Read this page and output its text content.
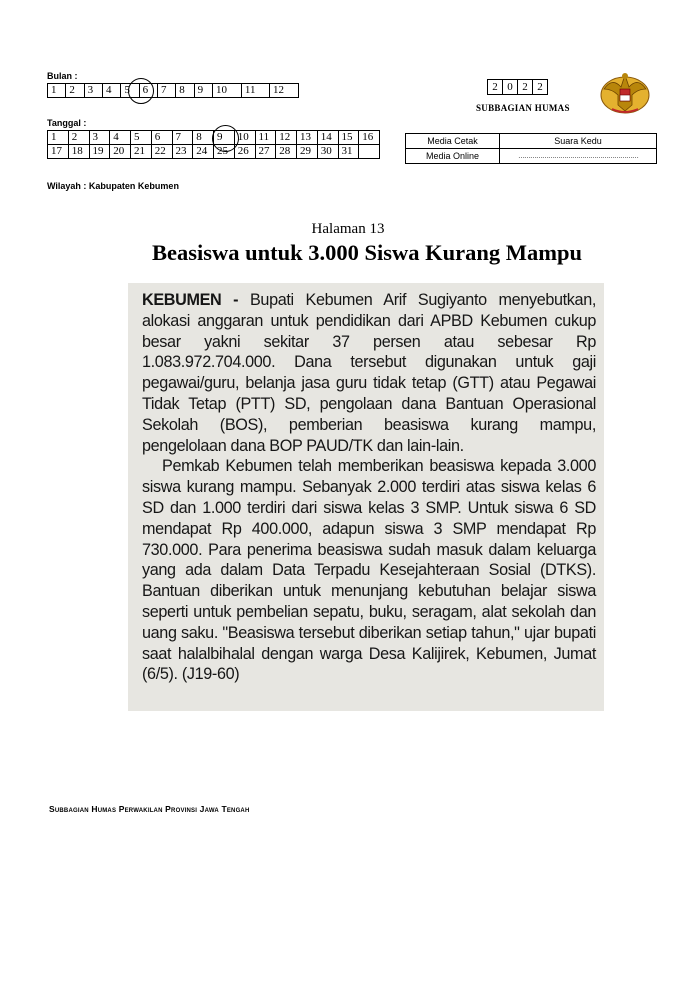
Bulan :
1	2	3	4	5	6	7	8	9	10	11	12
Tanggal :
1	2	3	4	5	6	7	8	9	10	11	12	13	14	15	16
17	18	19	20	21	22	23	24	25	26	27	28	29	30	31	
Wilayah : Kabupaten Kebumen
2	0	2	2
SUBBAGIAN HUMAS
Media Cetak	Suara Kedu
Media Online	……………………………………………………
Halaman 13
Beasiswa untuk 3.000 Siswa Kurang Mampu

KEBUMEN - Bupati Kebumen Arif Sugiyanto menyebutkan, alokasi anggaran untuk pendidikan dari APBD Kebumen cukup besar yakni sekitar 37 persen atau sebesar Rp 1.083.972.704.000. Dana tersebut digunakan untuk gaji pegawai/guru, belanja jasa guru tidak tetap (GTT) atau Pegawai Tidak Tetap (PTT) SD, pengolaan dana Bantuan Operasional Sekolah (BOS), pemberian beasiswa kurang mampu, pengelolaan dana BOP PAUD/TK dan lain-lain.

Pemkab Kebumen telah memberikan beasiswa kepada 3.000 siswa kurang mampu. Sebanyak 2.000 terdiri atas siswa kelas 6 SD dan 1.000 terdiri dari siswa kelas 3 SMP. Untuk siswa 6 SD mendapat Rp 400.000, adapun siswa 3 SMP mendapat Rp 730.000. Para penerima beasiswa sudah masuk dalam keluarga yang ada dalam Data Terpadu Kesejahteraan Sosial (DTKS). Bantuan diberikan untuk menunjang kebutuhan belajar siswa seperti untuk pembelian sepatu, buku, seragam, alat sekolah dan uang saku. "Beasiswa tersebut diberikan setiap tahun," ujar bupati saat halalbihalal dengan warga Desa Kalijirek, Kebumen, Jumat (6/5). (J19-60)

Subbagian Humas Perwakilan Provinsi Jawa Tengah
